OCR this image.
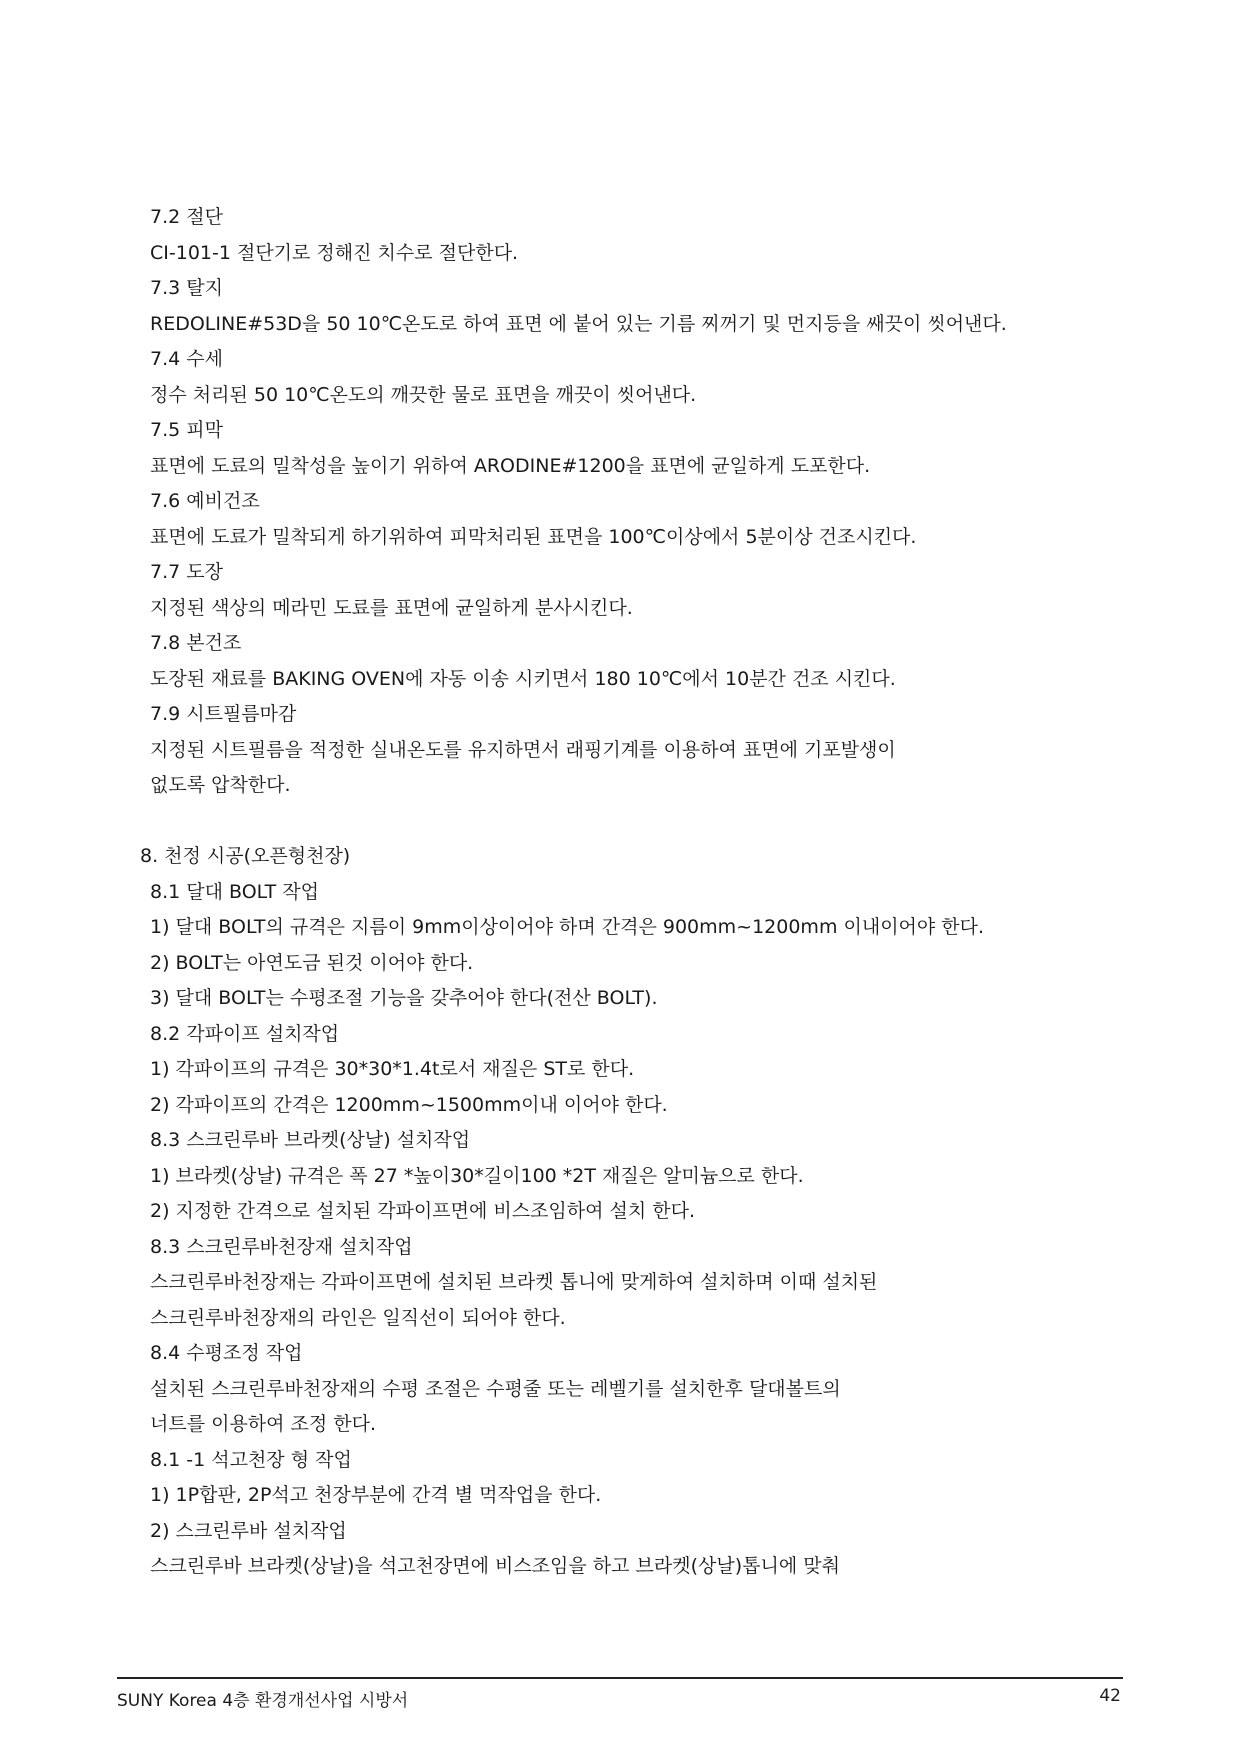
7.2 절단
CI-101-1 절단기로 정해진 치수로 절단한다.
7.3 탈지
REDOLINE#53D을 50 10℃온도로 하여 표면 에 붙어 있는 기름 찌꺼기 및 먼지등을 쌔끗이 씻어낸다.
7.4 수세
정수 처리된 50 10℃온도의 깨끗한 물로 표면을 깨끗이 씻어낸다.
7.5 피막
표면에 도료의 밀착성을 높이기 위하여 ARODINE#1200을 표면에 균일하게 도포한다.
7.6 예비건조
표면에 도료가 밀착되게 하기위하여 피막처리된 표면을 100℃이상에서 5분이상 건조시킨다.
7.7 도장
지정된 색상의 메라민 도료를 표면에 균일하게 분사시킨다.
7.8 본건조
도장된 재료를 BAKING OVEN에 자동 이송 시키면서 180 10℃에서 10분간 건조 시킨다.
7.9 시트필름마감
지정된 시트필름을 적정한 실내온도를 유지하면서 래핑기계를 이용하여 표면에 기포발생이
없도록 압착한다.
8. 천정 시공(오픈형천장)
8.1 달대 BOLT 작업
1) 달대 BOLT의 규격은 지름이 9mm이상이어야 하며 간격은 900mm~1200mm 이내이어야 한다.
2) BOLT는 아연도금 된것 이어야 한다.
3) 달대 BOLT는 수평조절 기능을 갖추어야 한다(전산 BOLT).
8.2 각파이프 설치작업
1) 각파이프의 규격은 30*30*1.4t로서 재질은 ST로 한다.
2) 각파이프의 간격은 1200mm~1500mm이내 이어야 한다.
8.3 스크린루바 브라켓(상날) 설치작업
1) 브라켓(상날) 규격은 폭 27 *높이30*길이100 *2T 재질은 알미늄으로 한다.
2) 지정한 간격으로 설치된 각파이프면에 비스조임하여 설치 한다.
8.3 스크린루바천장재 설치작업
스크린루바천장재는 각파이프면에 설치된 브라켓 톱니에 맞게하여 설치하며 이때 설치된
스크린루바천장재의 라인은 일직선이 되어야 한다.
8.4 수평조정 작업
설치된 스크린루바천장재의 수평 조절은 수평줄 또는 레벨기를 설치한후 달대볼트의
너트를 이용하여 조정 한다.
8.1 -1 석고천장 형 작업
1) 1P합판, 2P석고 천장부분에 간격 별 먹작업을 한다.
2) 스크린루바 설치작업
스크린루바 브라켓(상날)을 석고천장면에 비스조임을 하고 브라켓(상날)톱니에 맞춰
SUNY Korea 4층 환경개선사업 시방서	42
